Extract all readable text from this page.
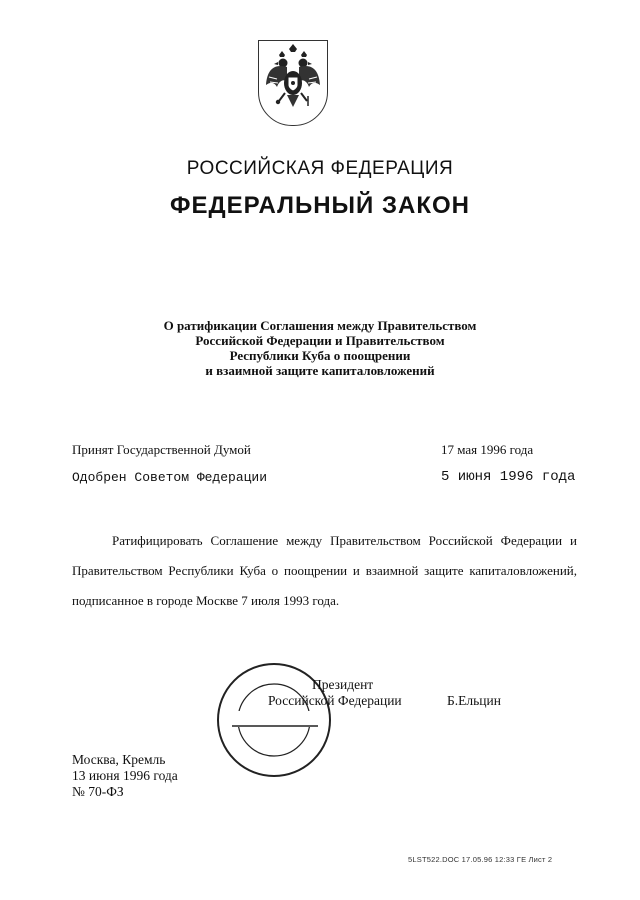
РОССИЙСКАЯ ФЕДЕРАЦИЯ
ФЕДЕРАЛЬНЫЙ ЗАКОН
О ратификации Соглашения между Правительством
Российской Федерации и Правительством
Республики Куба о поощрении
и взаимной защите капиталовложений
Принят Государственной Думой	17 мая 1996 года
Одобрен Советом Федерации	5 июня 1996 года
Ратифицировать Соглашение между Правительством Российской Федерации и Правительством Республики Куба о поощрении и взаимной защите капиталовложений, подписанное в городе Москве 7 июля 1993 года.
Президент
Российской Федерации	Б.Ельцин
Москва, Кремль
13 июня 1996 года
№ 70-ФЗ
5LST522.DOC 17.05.96 12:33 ГЕ Лист 2
